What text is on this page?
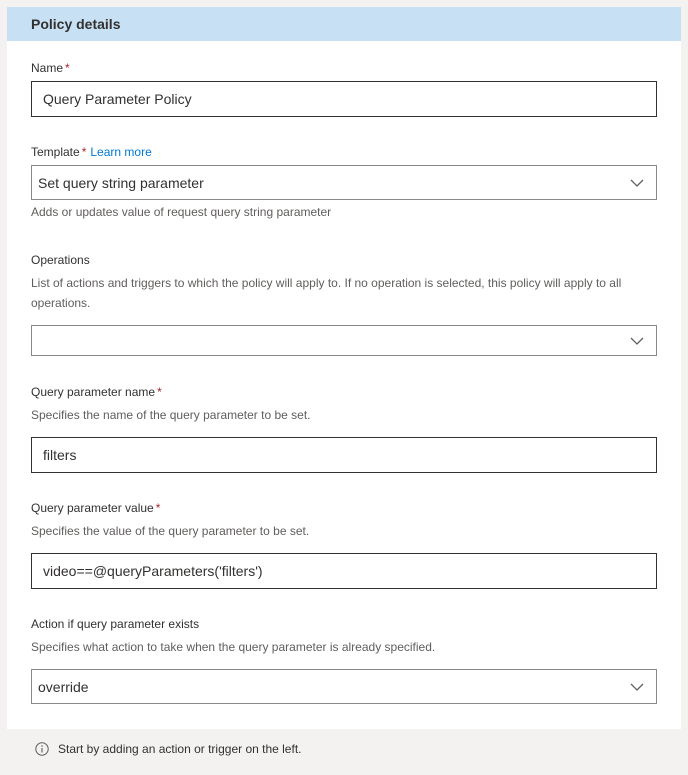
Policy details
Name *
Query Parameter Policy
Template * Learn more
Set query string parameter
Adds or updates value of request query string parameter
Operations
List of actions and triggers to which the policy will apply to. If no operation is selected, this policy will apply to all operations.
Query parameter name *
Specifies the name of the query parameter to be set.
filters
Query parameter value *
Specifies the value of the query parameter to be set.
video==@queryParameters('filters')
Action if query parameter exists
Specifies what action to take when the query parameter is already specified.
override
Start by adding an action or trigger on the left.
